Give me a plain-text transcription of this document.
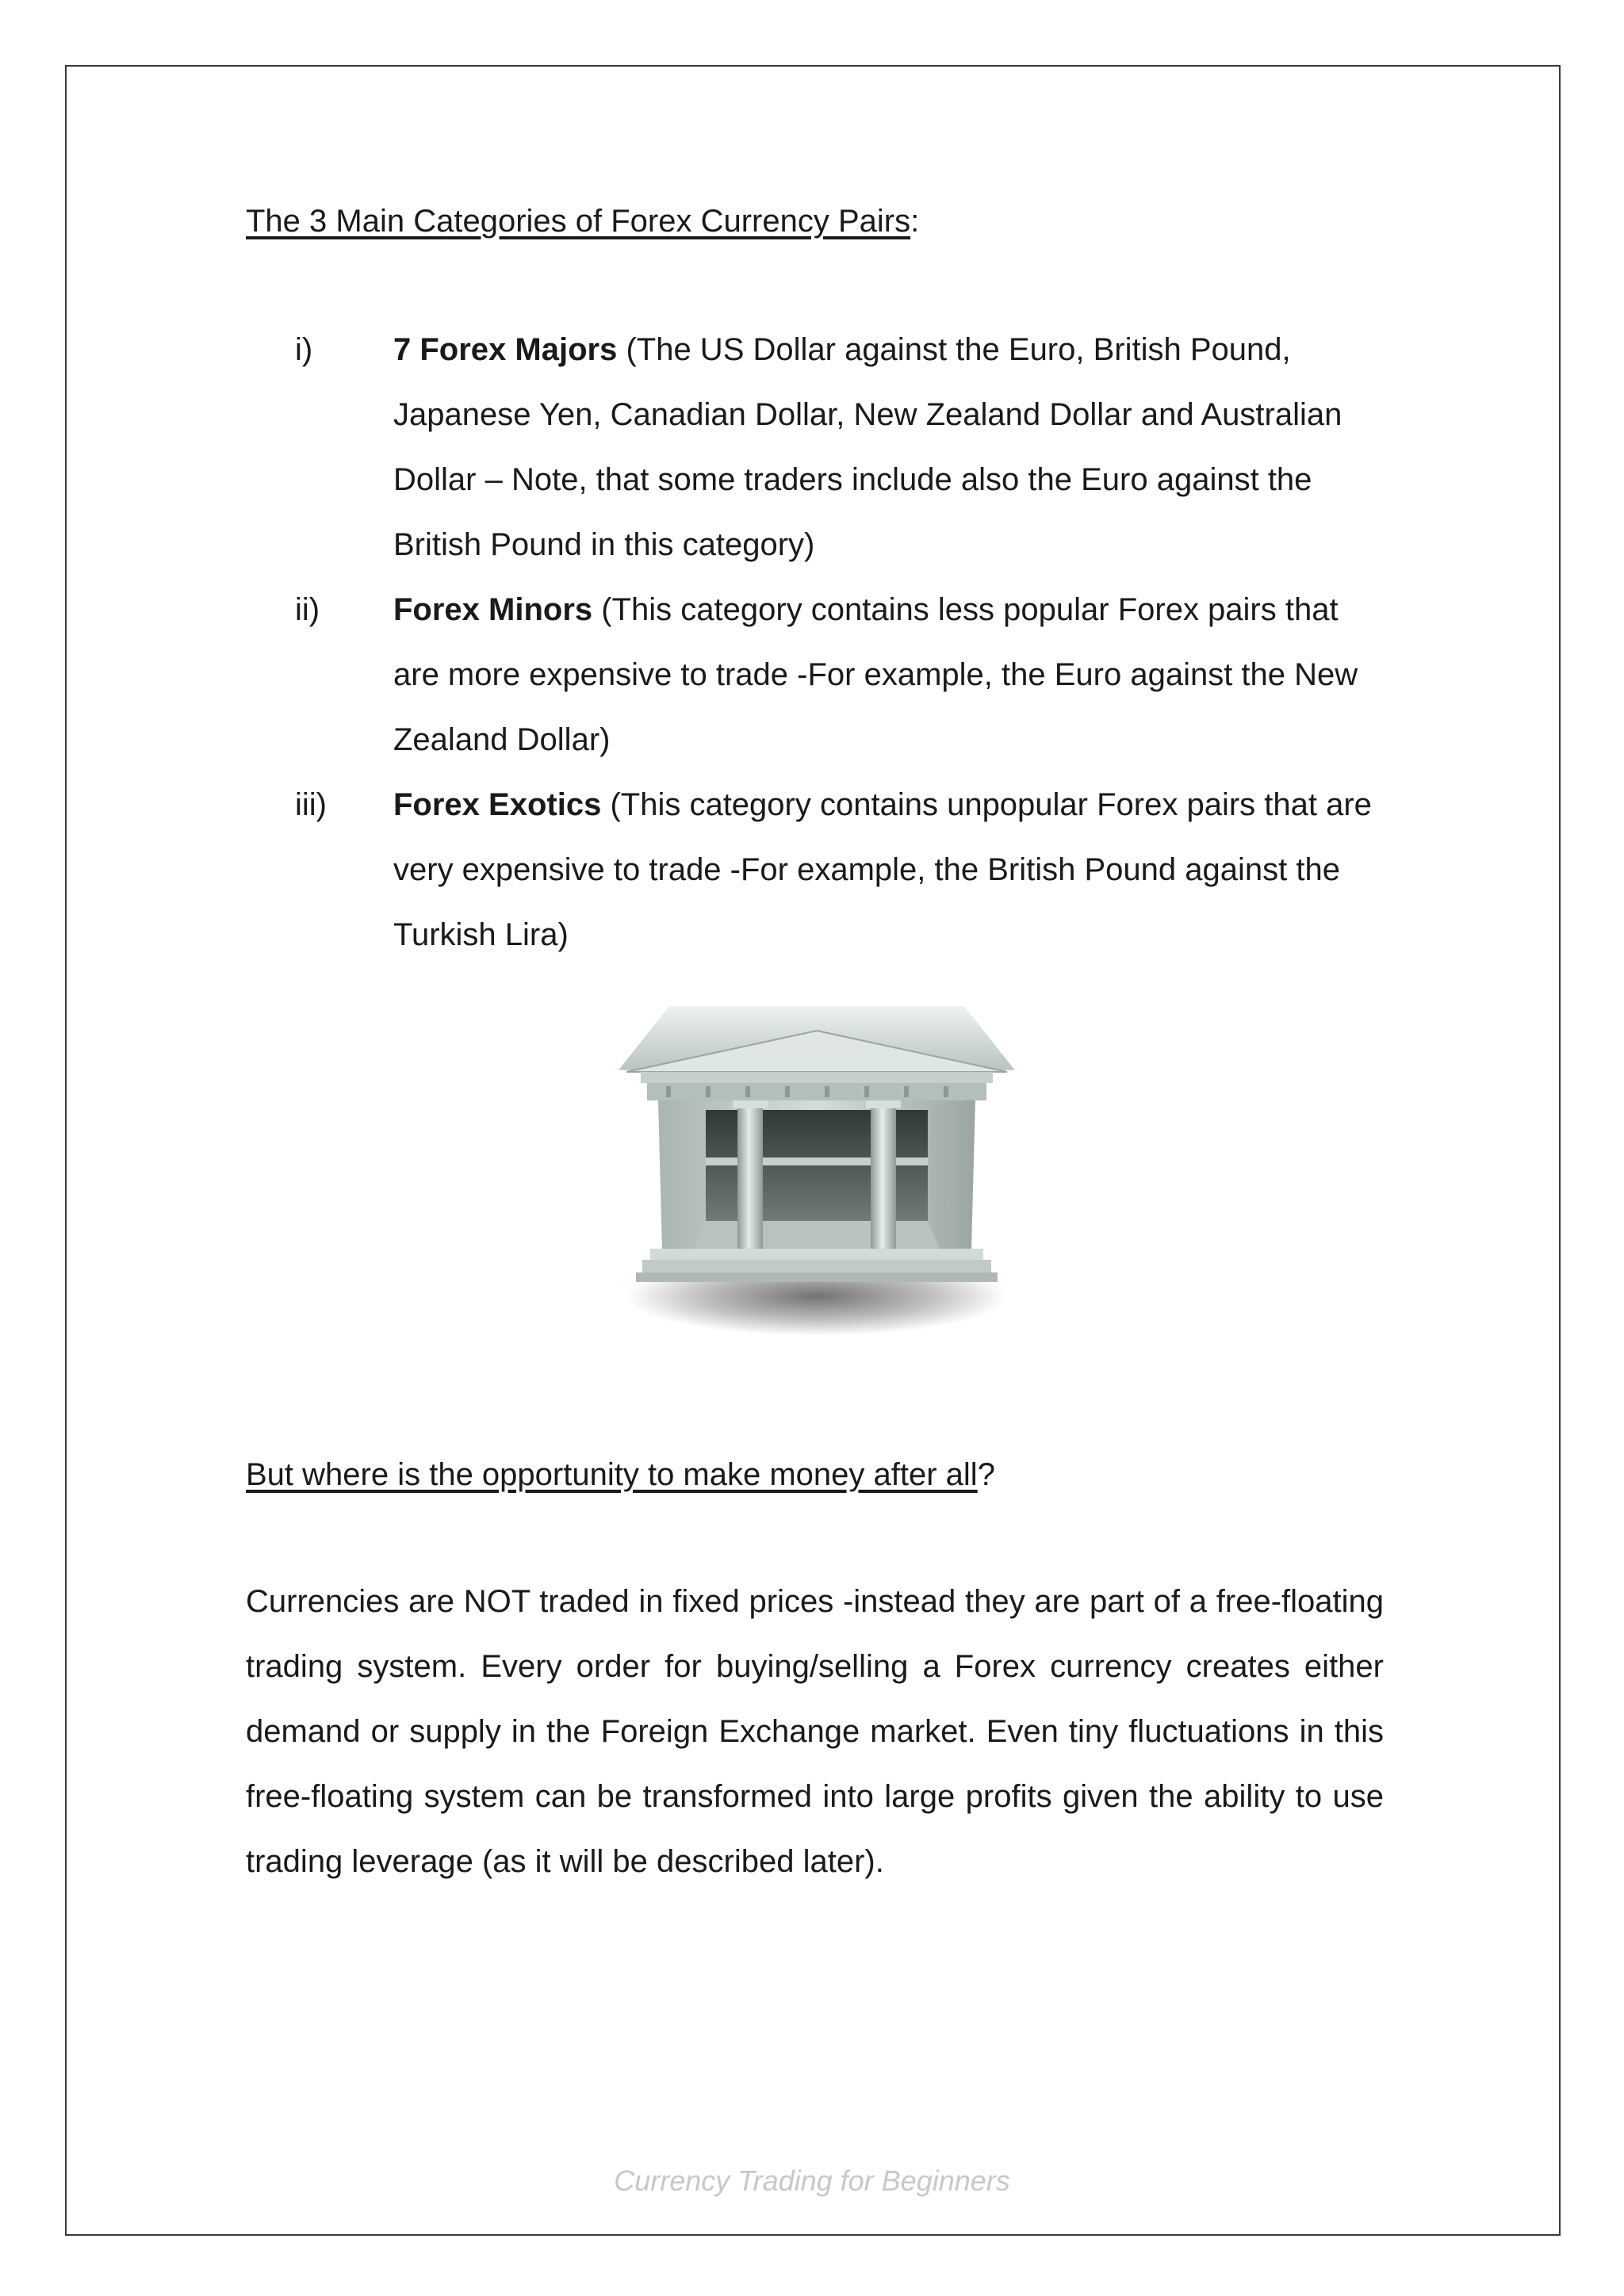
The 3 Main Categories of Forex Currency Pairs:
i)	7 Forex Majors (The US Dollar against the Euro, British Pound, Japanese Yen, Canadian Dollar, New Zealand Dollar and Australian Dollar – Note, that some traders include also the Euro against the British Pound in this category)
ii)	Forex Minors (This category contains less popular Forex pairs that are more expensive to trade -For example, the Euro against the New Zealand Dollar)
iii)	Forex Exotics (This category contains unpopular Forex pairs that are very expensive to trade -For example, the British Pound against the Turkish Lira)
But where is the opportunity to make money after all?

Currencies are NOT traded in fixed prices -instead they are part of a free-floating trading system. Every order for buying/selling a Forex currency creates either demand or supply in the Foreign Exchange market. Even tiny fluctuations in this free-floating system can be transformed into large profits given the ability to use trading leverage (as it will be described later).

Currency Trading for Beginners
